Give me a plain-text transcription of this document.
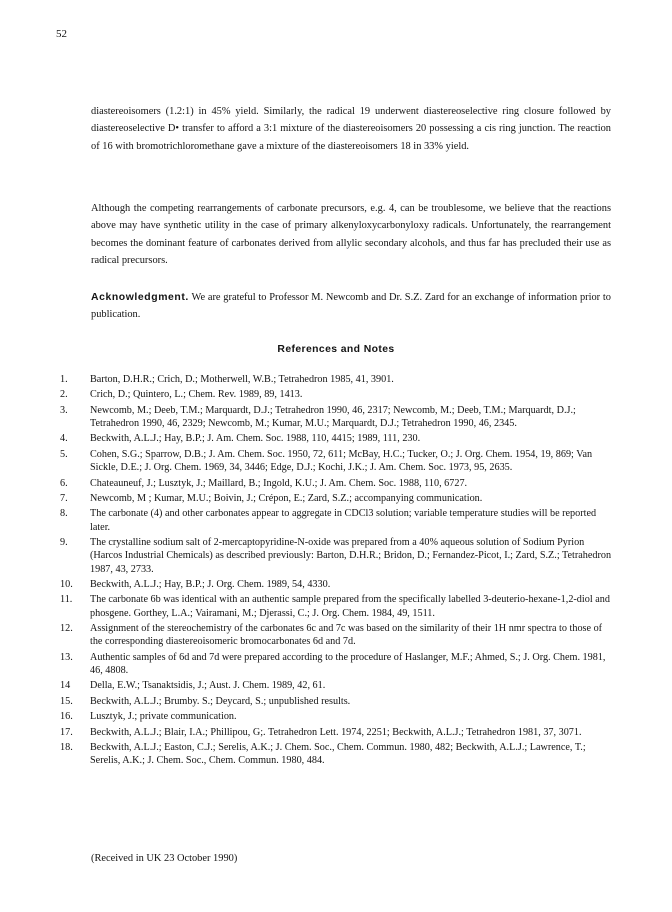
52

diastereoisomers (1.2:1) in 45% yield. Similarly, the radical 19 underwent diastereoselective ring closure followed by diastereoselective D• transfer to afford a 3:1 mixture of the diastereoisomers 20 possessing a cis ring junction. The reaction of 16 with bromotrichloromethane gave a mixture of the diastereoisomers 18 in 33% yield.

Although the competing rearrangements of carbonate precursors, e.g. 4, can be troublesome, we believe that the reactions above may have synthetic utility in the case of primary alkenyloxycarbonyloxy radicals. Unfortunately, the rearrangement becomes the dominant feature of carbonates derived from allylic secondary alcohols, and thus far has precluded their use as radical precursors.

Acknowledgment. We are grateful to Professor M. Newcomb and Dr. S.Z. Zard for an exchange of information prior to publication.

References and Notes
1.	Barton, D.H.R.; Crich, D.; Motherwell, W.B.; Tetrahedron 1985, 41, 3901.
2.	Crich, D.; Quintero, L.; Chem. Rev. 1989, 89, 1413.
3.	Newcomb, M.; Deeb, T.M.; Marquardt, D.J.; Tetrahedron 1990, 46, 2317; Newcomb, M.; Deeb, T.M.; Marquardt, D.J.; Tetrahedron 1990, 46, 2329; Newcomb, M.; Kumar, M.U.; Marquardt, D.J.; Tetrahedron 1990, 46, 2345.
4.	Beckwith, A.L.J.; Hay, B.P.; J. Am. Chem. Soc. 1988, 110, 4415; 1989, 111, 230.
5.	Cohen, S.G.; Sparrow, D.B.; J. Am. Chem. Soc. 1950, 72, 611; McBay, H.C.; Tucker, O.; J. Org. Chem. 1954, 19, 869; Van Sickle, D.E.; J. Org. Chem. 1969, 34, 3446; Edge, D.J.; Kochi, J.K.; J. Am. Chem. Soc. 1973, 95, 2635.
6.	Chateauneuf, J.; Lusztyk, J.; Maillard, B.; Ingold, K.U.; J. Am. Chem. Soc. 1988, 110, 6727.
7.	Newcomb, M ; Kumar, M.U.; Boivin, J.; Crépon, E.; Zard, S.Z.; accompanying communication.
8.	The carbonate (4) and other carbonates appear to aggregate in CDCl3 solution; variable temperature studies will be reported later.
9.	The crystalline sodium salt of 2-mercaptopyridine-N-oxide was prepared from a 40% aqueous solution of Sodium Pyrion (Harcos Industrial Chemicals) as described previously: Barton, D.H.R.; Bridon, D.; Fernandez-Picot, I.; Zard, S.Z.; Tetrahedron 1987, 43, 2733.
10.	Beckwith, A.L.J.; Hay, B.P.; J. Org. Chem. 1989, 54, 4330.
11.	The carbonate 6b was identical with an authentic sample prepared from the specifically labelled 3-deuterio-hexane-1,2-diol and phosgene. Gorthey, L.A.; Vairamani, M.; Djerassi, C.; J. Org. Chem. 1984, 49, 1511.
12.	Assignment of the stereochemistry of the carbonates 6c and 7c was based on the similarity of their 1H nmr spectra to those of the corresponding diastereoisomeric bromocarbonates 6d and 7d.
13.	Authentic samples of 6d and 7d were prepared according to the procedure of Haslanger, M.F.; Ahmed, S.; J. Org. Chem. 1981, 46, 4808.
14	Della, E.W.; Tsanaktsidis, J.; Aust. J. Chem. 1989, 42, 61.
15.	Beckwith, A.L.J.; Brumby. S.; Deycard, S.; unpublished results.
16.	Lusztyk, J.; private communication.
17.	Beckwith, A.L.J.; Blair, I.A.; Phillipou, G;. Tetrahedron Lett. 1974, 2251; Beckwith, A.L.J.; Tetrahedron 1981, 37, 3071.
18.	Beckwith, A.L.J.; Easton, C.J.; Serelis, A.K.; J. Chem. Soc., Chem. Commun. 1980, 482; Beckwith, A.L.J.; Lawrence, T.; Serelis, A.K.; J. Chem. Soc., Chem. Commun. 1980, 484.
(Received in UK 23 October 1990)
